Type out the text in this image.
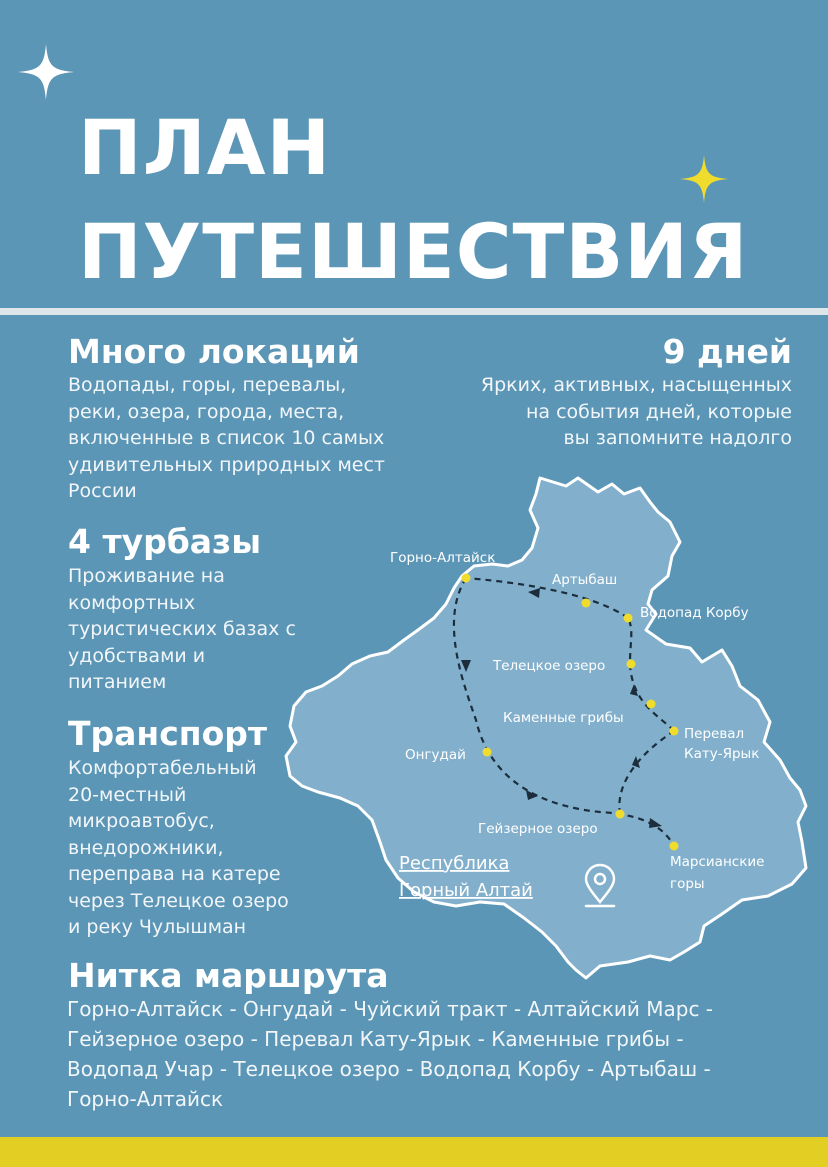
ПЛАН
ПУТЕШЕСТВИЯ
Много локаций
Водопады, горы, перевалы,
реки, озера, города, места,
включенные в список 10 самых
удивительных природных мест
России
9 дней
Ярких, активных, насыщенных
на события дней, которые
вы запомните надолго
Горно-Алтайск
Артыбаш
Водопад Корбу
Телецкое озеро
Каменные грибы
Перевал
Кату-Ярык
Онгудай
Гейзерное озеро
Марсианские
горы
Республика
Горный Алтай
4 турбазы
Проживание на
комфортных
туристических базах с
удобствами и
питанием
Транспорт
Комфортабельный
20-местный
микроавтобус,
внедорожники,
переправа на катере
через Телецкое озеро
и реку Чулышман
Нитка маршрута
Горно-Алтайск - Онгудай - Чуйский тракт - Алтайский Марс -
Гейзерное озеро - Перевал Кату-Ярык - Каменные грибы -
Водопад Учар - Телецкое озеро - Водопад Корбу - Артыбаш -
Горно-Алтайск
